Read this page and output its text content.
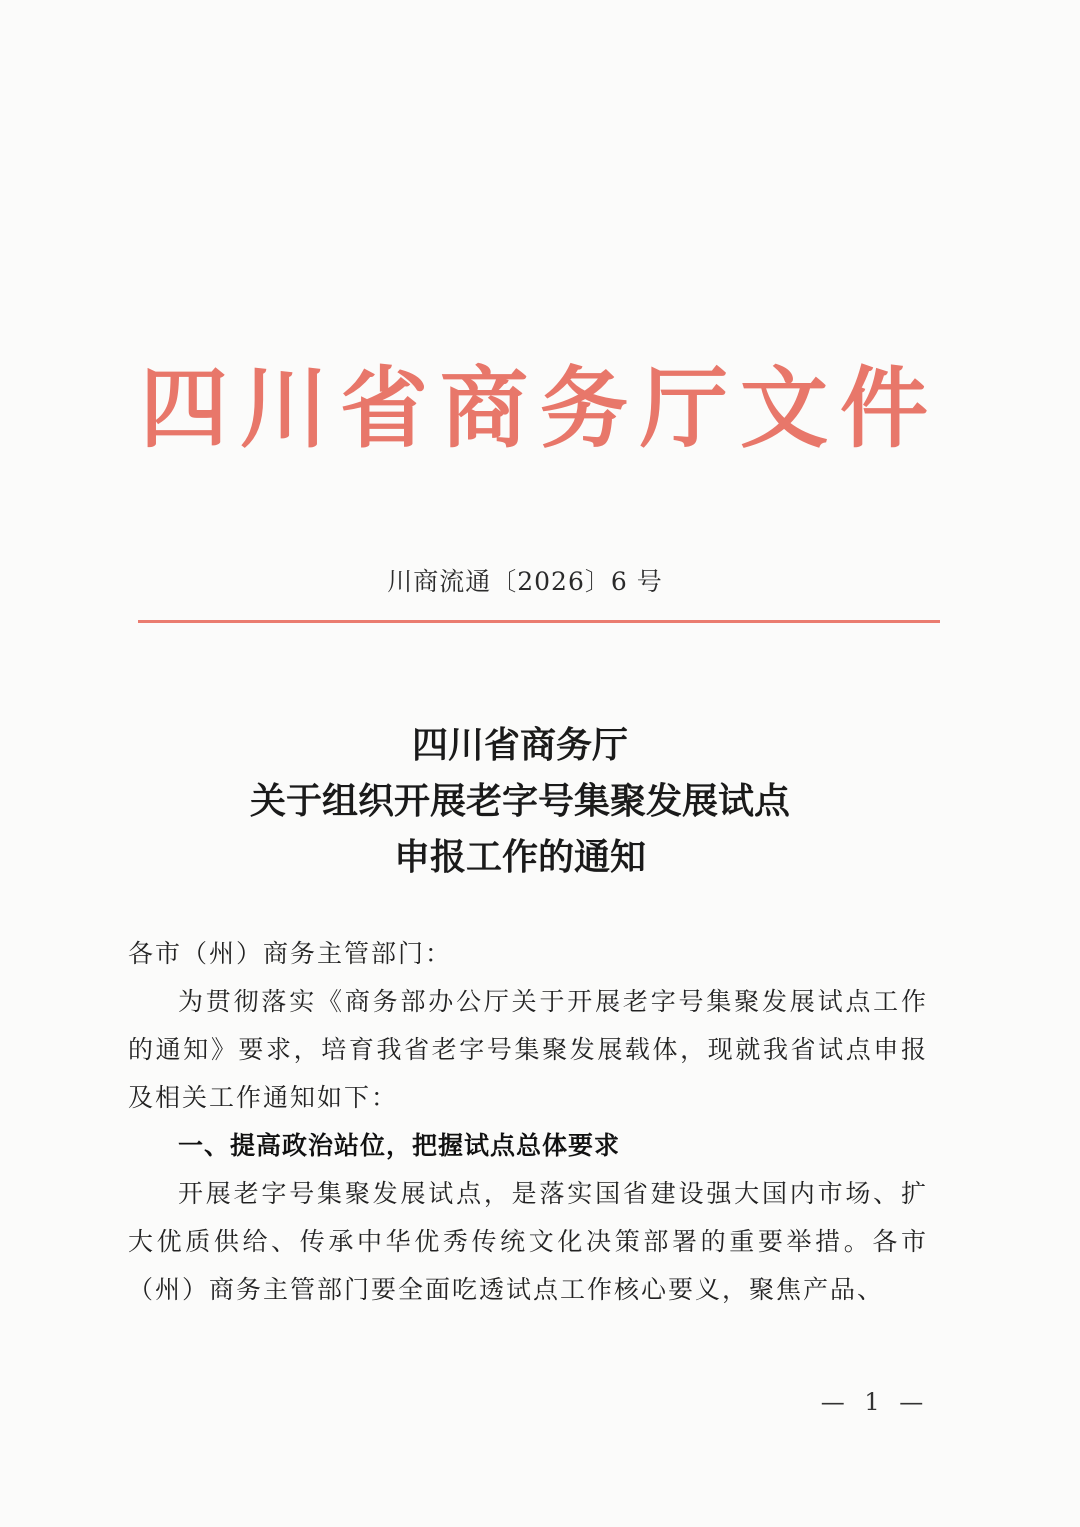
四川省商务厅文件
川商流通〔2026〕6 号
四川省商务厅
关于组织开展老字号集聚发展试点
申报工作的通知

各市（州）商务主管部门：

为贯彻落实《商务部办公厅关于开展老字号集聚发展试点工作的通知》要求，培育我省老字号集聚发展载体，现就我省试点申报及相关工作通知如下：

一、提高政治站位，把握试点总体要求

开展老字号集聚发展试点，是落实国省建设强大国内市场、扩大优质供给、传承中华优秀传统文化决策部署的重要举措。各市（州）商务主管部门要全面吃透试点工作核心要义，聚焦产品、

— 1 —
